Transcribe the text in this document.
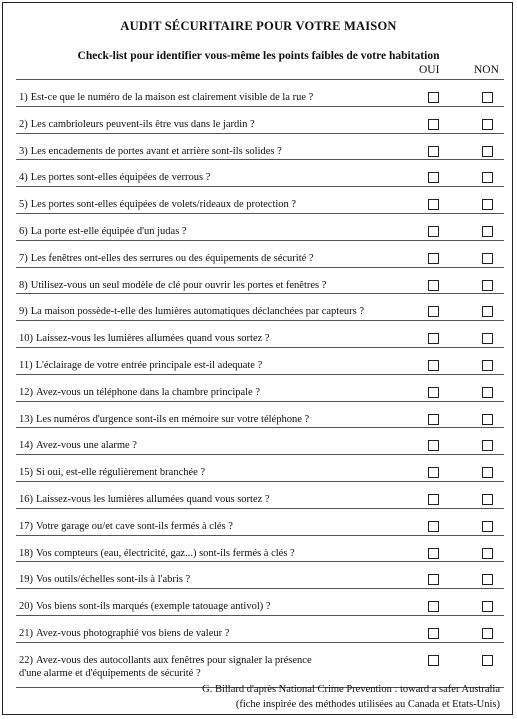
AUDIT SÉCURITAIRE POUR VOTRE MAISON
Check-list pour identifier vous-même les points faibles de votre habitation
OUI	NON
1) Est-ce que le numéro de la maison est clairement visible de la rue ?
2) Les cambrioleurs peuvent-ils être vus dans le jardin ?
3) Les encadements de portes avant et arrière sont-ils solides ?
4) Les portes sont-elles équipées de verrous ?
5) Les portes sont-elles équipées de volets/rideaux de protection ?
6) La porte est-elle équipée d'un judas ?
7) Les fenêtres ont-elles des serrures ou des équipements de sécurité ?
8) Utilisez-vous un seul modèle de clé pour ouvrir les portes et fenêtres ?
9) La maison possède-t-elle des lumières automatiques déclanchées par capteurs ?
10) Laissez-vous les lumières allumées quand vous sortez ?
11) L'éclairage de votre entrée principale est-il adequate ?
12) Avez-vous un téléphone dans la chambre principale ?
13) Les numéros d'urgence sont-ils en mémoire sur votre téléphone ?
14) Avez-vous une alarme ?
15) Si oui, est-elle régulièrement branchée ?
16) Laissez-vous les lumières allumées quand vous sortez ?
17) Votre garage ou/et cave sont-ils fermés à clés ?
18) Vos compteurs (eau, électricité, gaz...) sont-ils fermés à clés ?
19) Vos outils/échelles sont-ils à l'abris ?
20) Vos biens sont-ils marqués (exemple tatouage antivol) ?
21) Avez-vous photographié vos biens de valeur ?
22) Avez-vous des autocollants aux fenêtres pour signaler la présence
d'une alarme et d'équipements de sécurité ?
G. Billard d'après National Crime Prevention : toward a safer Australia
(fiche inspirée des méthodes utilisées au Canada et Etats-Unis)
